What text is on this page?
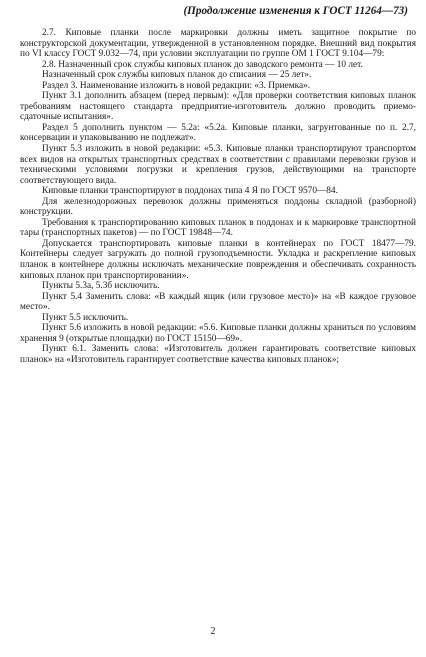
(Продолжение изменения к ГОСТ 11264—73)

2.7. Киповые планки после маркировки должны иметь защитное покрытие по конструкторской документации, утвержденной в установленном порядке. Внешний вид покрытия по VI классу ГОСТ 9.032—74, при условии эксплуатации по группе ОМ 1 ГОСТ 9.104—79:

2.8. Назначенный срок службы киповых планок до заводского ремонта — 10 лет.

Назначенный срок службы киповых планок до списания — 25 лет».

Раздел 3. Наименование изложить в новой редакции: «3. Приемка».

Пункт 3.1 дополнить абзацем (перед первым): «Для проверки соответствия киповых планок требованиям настоящего стандарта предприятие-изготовитель должно проводить приемо-сдаточные испытания».

Раздел 5 дополнить пунктом — 5.2а: «5.2а. Киповые планки, загрунтованные по п. 2.7, консервации и упаковыванию не подлежат».

Пункт 5.3 изложить в новой редакции: «5.3. Киповые планки транспортируют транспортом всех видов на открытых транспортных средствах в соответствии с правилами перевозки грузов и техническими условиями погрузки и крепления грузов, действующими на транспорте соответствующего вида.

Киповые планки транспортируют в поддонах типа 4 Я по ГОСТ 9570—84.

Для железнодорожных перевозок должны применяться поддоны складной (разборной) конструкции.

Требования к транспортированию киповых планок в поддонах и к маркировке транспортной тары (транспортных пакетов) — по ГОСТ 19848—74.

Допускается транспортировать киповые планки в контейнерах по ГОСТ 18477—79. Контейнеры следует загружать до полной грузоподъемности. Укладка и раскрепление киповых планок в контейнере должны исключать механические повреждения и обеспечивать сохранность киповых планок при транспортировании».

Пункты 5.3а, 5.3б исключить.

Пункт 5.4 Заменить слова: «В каждый ящик (или грузовое место)» на «В каждое грузовое место».

Пункт 5.5 исключить.

Пункт 5.6 изложить в новой редакции: «5.6. Киповые планки должны храниться по условиям хранения 9 (открытые площадки) по ГОСТ 15150—69».

Пункт 6.1. Заменить слова: «Изготовитель должен гарантировать соответствие киповых планок» на «Изготовитель гарантирует соответствие качества киповых планок»;

2
